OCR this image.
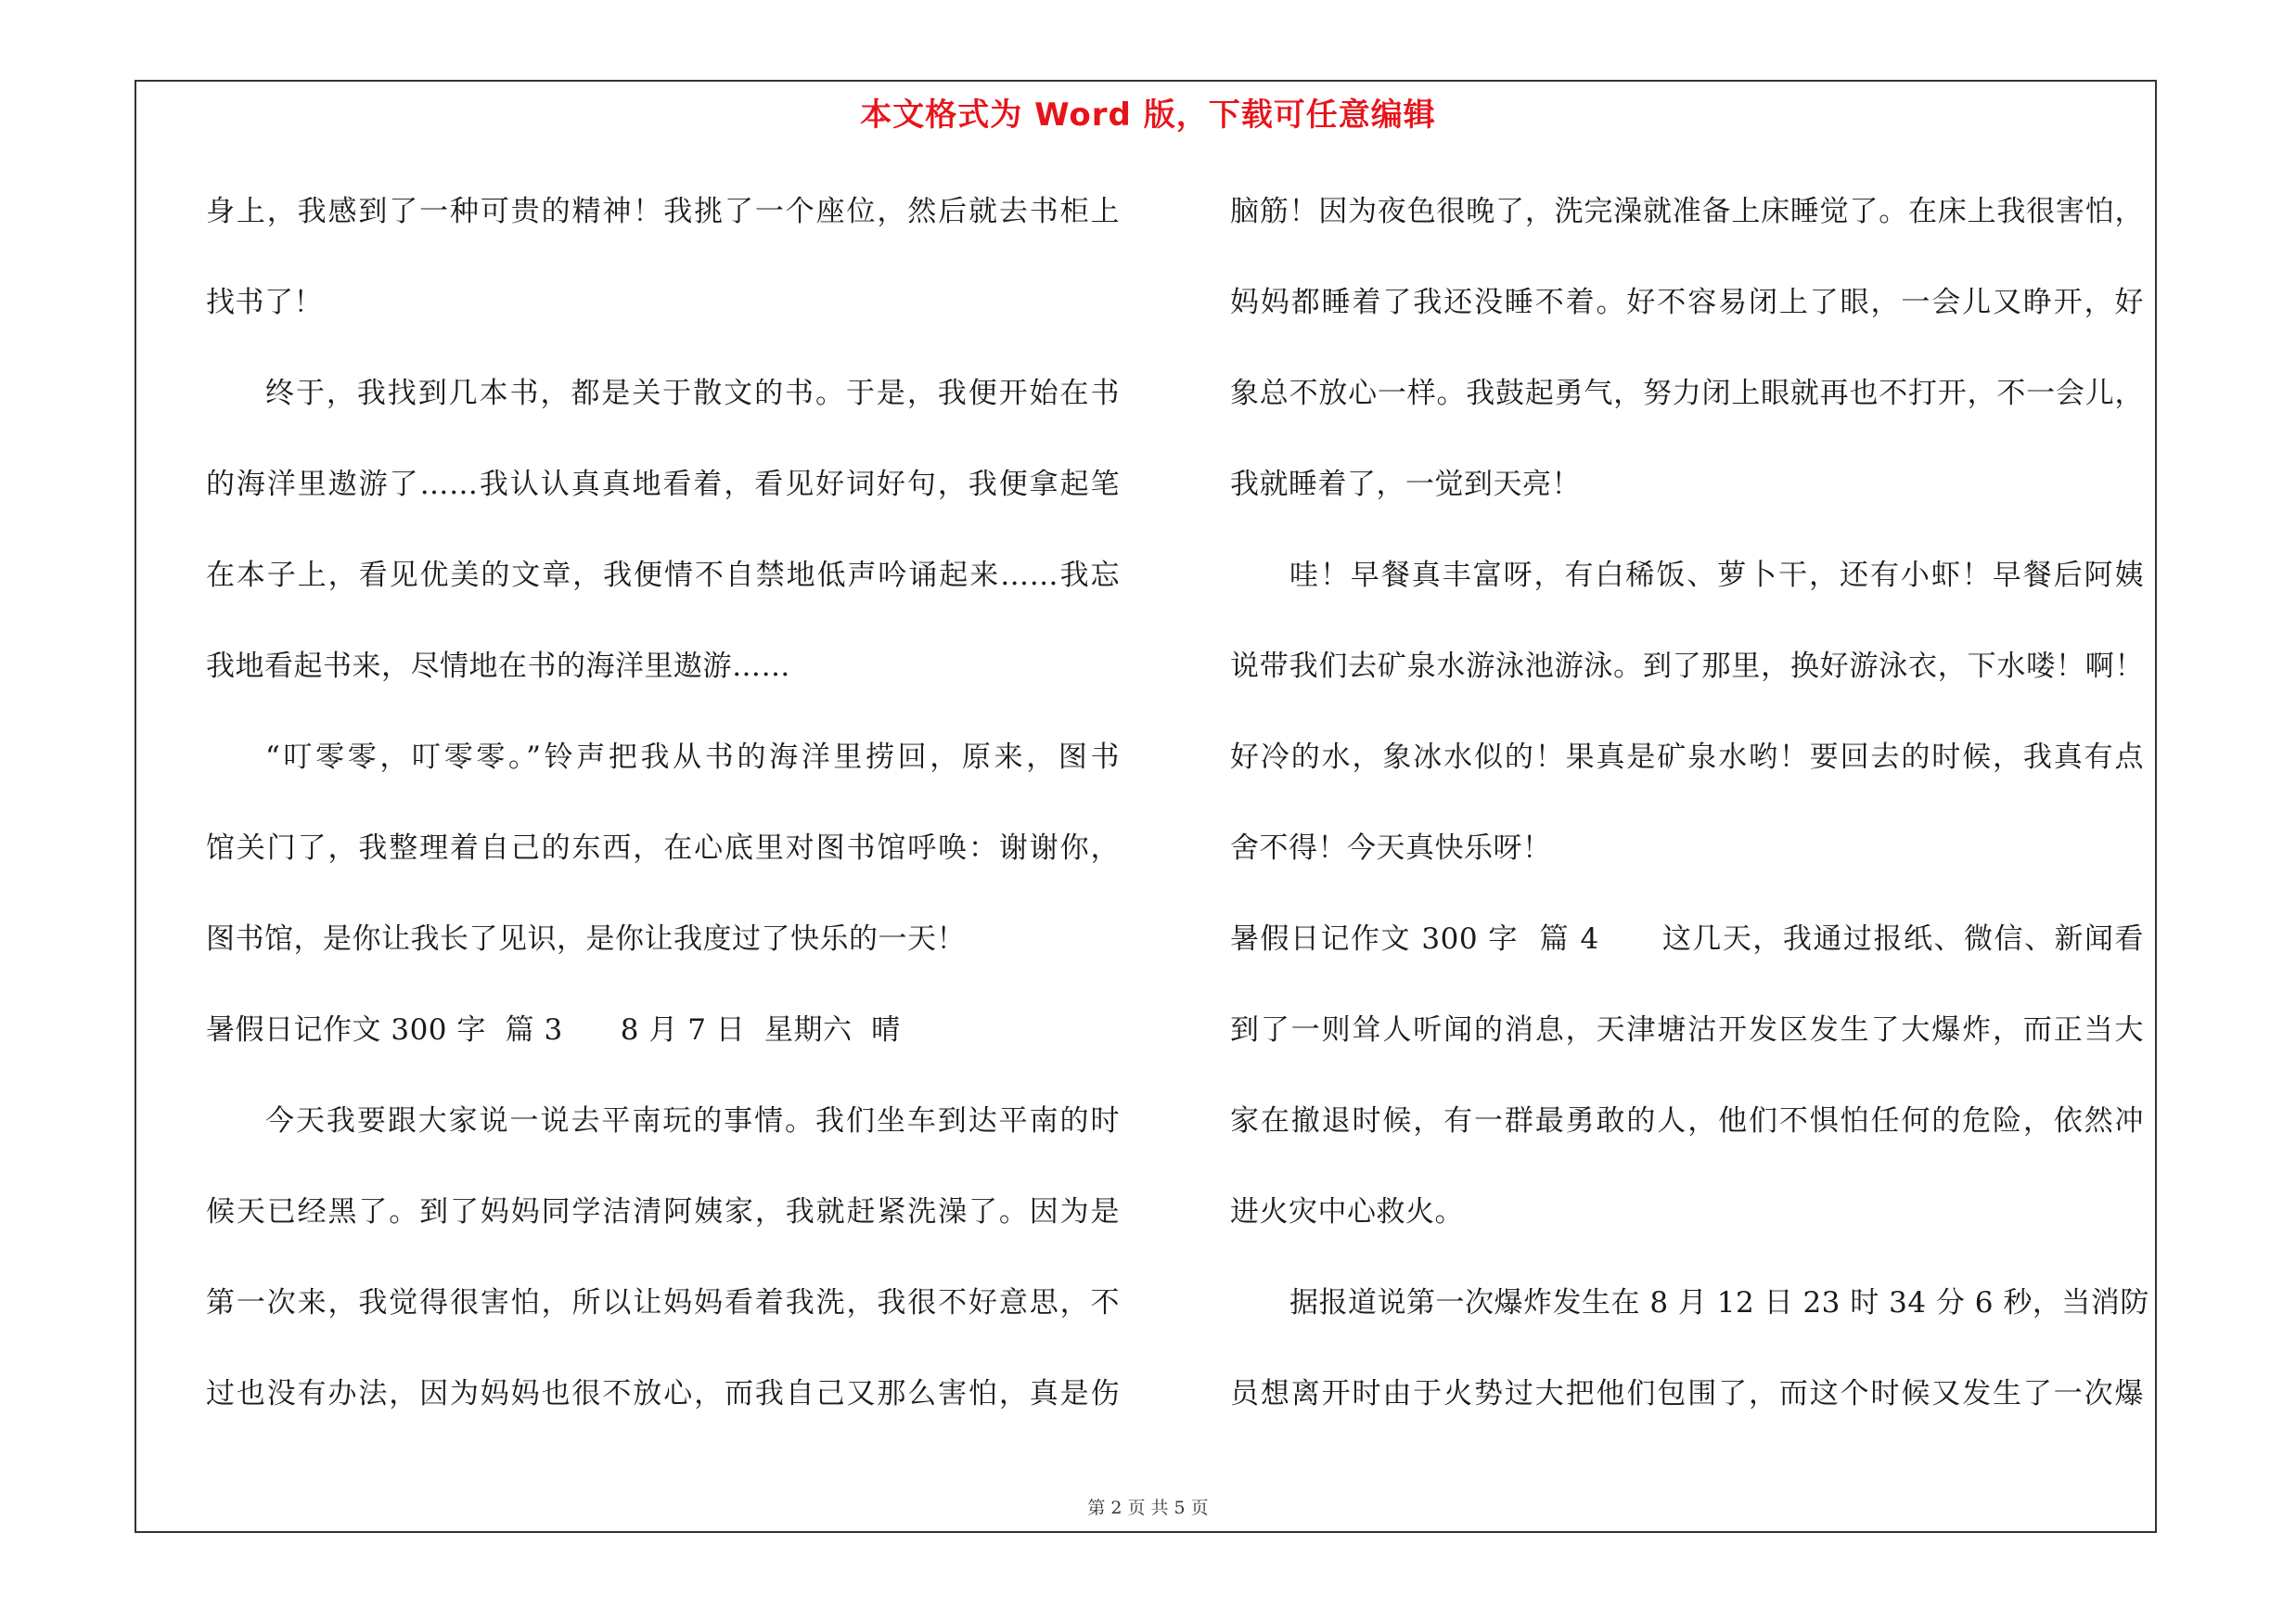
本文格式为 Word 版，下载可任意编辑
身上，我感到了一种可贵的精神！我挑了一个座位，然后就去书柜上
找书了！
终于，我找到几本书，都是关于散文的书。于是，我便开始在书
的海洋里遨游了……我认认真真地看着，看见好词好句，我便拿起笔
在本子上，看见优美的文章，我便情不自禁地低声吟诵起来……我忘
我地看起书来，尽情地在书的海洋里遨游……
“叮零零，叮零零。”铃声把我从书的海洋里捞回，原来，图书
馆关门了，我整理着自己的东西，在心底里对图书馆呼唤：谢谢你，
图书馆，是你让我长了见识，是你让我度过了快乐的一天！
暑假日记作文 300 字  篇 3      8 月 7 日  星期六  晴
今天我要跟大家说一说去平南玩的事情。我们坐车到达平南的时
候天已经黑了。到了妈妈同学洁清阿姨家，我就赶紧洗澡了。因为是
第一次来，我觉得很害怕，所以让妈妈看着我洗，我很不好意思，不
过也没有办法，因为妈妈也很不放心，而我自己又那么害怕，真是伤
脑筋！因为夜色很晚了，洗完澡就准备上床睡觉了。在床上我很害怕，
妈妈都睡着了我还没睡不着。好不容易闭上了眼，一会儿又睁开，好
象总不放心一样。我鼓起勇气，努力闭上眼就再也不打开，不一会儿，
我就睡着了，一觉到天亮！
哇！早餐真丰富呀，有白稀饭、萝卜干，还有小虾！早餐后阿姨
说带我们去矿泉水游泳池游泳。到了那里，换好游泳衣，下水喽！啊！
好冷的水，象冰水似的！果真是矿泉水哟！要回去的时候，我真有点
舍不得！今天真快乐呀！
暑假日记作文 300 字  篇 4      这几天，我通过报纸、微信、新闻看
到了一则耸人听闻的消息，天津塘沽开发区发生了大爆炸，而正当大
家在撤退时候，有一群最勇敢的人，他们不惧怕任何的危险，依然冲
进火灾中心救火。
据报道说第一次爆炸发生在 8 月 12 日 23 时 34 分 6 秒，当消防
员想离开时由于火势过大把他们包围了，而这个时候又发生了一次爆
第 2 页 共 5 页
